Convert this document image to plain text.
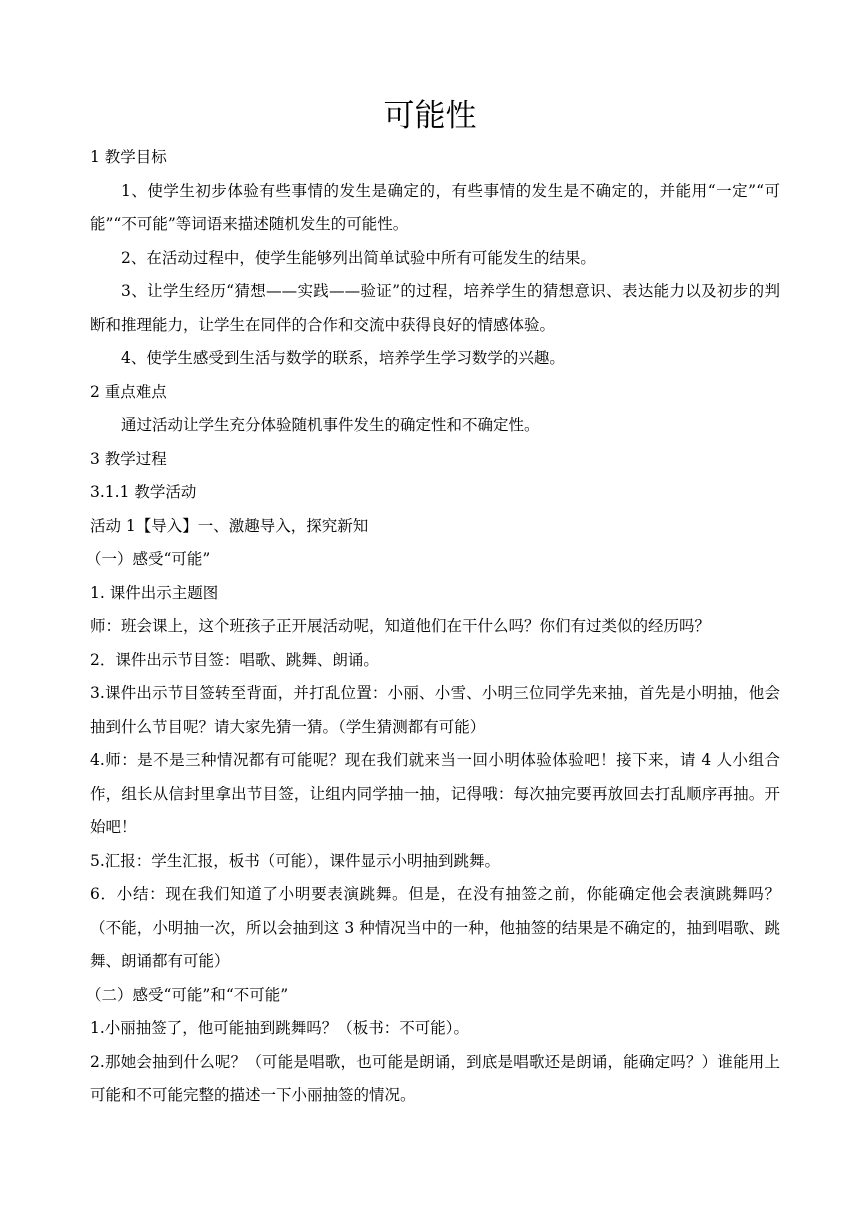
可能性

1 教学目标

1、使学生初步体验有些事情的发生是确定的，有些事情的发生是不确定的，并能用“一定”“可能”“不可能”等词语来描述随机发生的可能性。

2、在活动过程中，使学生能够列出简单试验中所有可能发生的结果。

3、让学生经历“猜想——实践——验证”的过程，培养学生的猜想意识、表达能力以及初步的判断和推理能力，让学生在同伴的合作和交流中获得良好的情感体验。

4、使学生感受到生活与数学的联系，培养学生学习数学的兴趣。

2 重点难点

通过活动让学生充分体验随机事件发生的确定性和不确定性。

3 教学过程

3.1.1 教学活动

活动 1【导入】一、激趣导入，探究新知

（一）感受“可能”

1. 课件出示主题图

师：班会课上，这个班孩子正开展活动呢，知道他们在干什么吗？你们有过类似的经历吗？

2．课件出示节目签：唱歌、跳舞、朗诵。

3.课件出示节目签转至背面，并打乱位置：小丽、小雪、小明三位同学先来抽，首先是小明抽，他会抽到什么节目呢？请大家先猜一猜。（学生猜测都有可能）

4.师：是不是三种情况都有可能呢？现在我们就来当一回小明体验体验吧！接下来，请 4 人小组合作，组长从信封里拿出节目签，让组内同学抽一抽，记得哦：每次抽完要再放回去打乱顺序再抽。开始吧！

5.汇报：学生汇报，板书（可能），课件显示小明抽到跳舞。

6．小结：现在我们知道了小明要表演跳舞。但是，在没有抽签之前，你能确定他会表演跳舞吗？（不能，小明抽一次，所以会抽到这 3 种情况当中的一种，他抽签的结果是不确定的，抽到唱歌、跳舞、朗诵都有可能）

（二）感受“可能”和“不可能”

1.小丽抽签了，他可能抽到跳舞吗？（板书：不可能）。

2.那她会抽到什么呢？（可能是唱歌，也可能是朗诵，到底是唱歌还是朗诵，能确定吗？）谁能用上可能和不可能完整的描述一下小丽抽签的情况。
